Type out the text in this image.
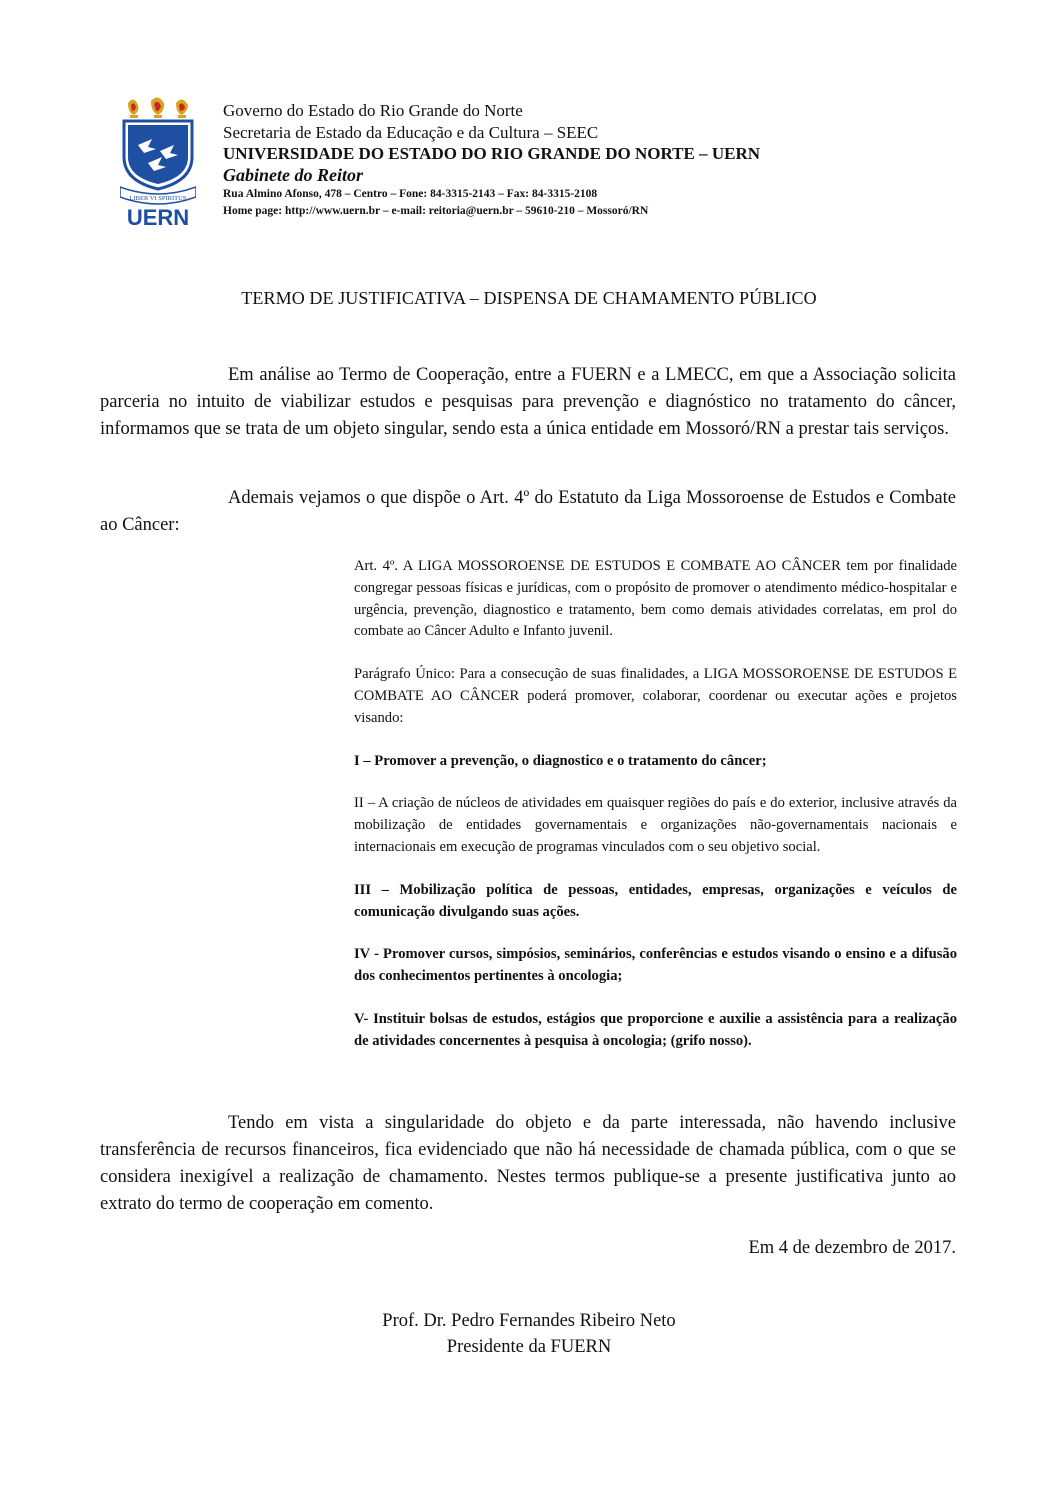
LIBER VI SPIRITUS
UERN
Governo do Estado do Rio Grande do Norte
Secretaria de Estado da Educação e da Cultura – SEEC
UNIVERSIDADE DO ESTADO DO RIO GRANDE DO NORTE – UERN
Gabinete do Reitor
Rua Almino Afonso, 478 – Centro – Fone: 84-3315-2143 – Fax: 84-3315-2108
Home page: http://www.uern.br – e-mail: reitoria@uern.br – 59610-210 – Mossoró/RN
TERMO DE JUSTIFICATIVA – DISPENSA DE CHAMAMENTO PÚBLICO
Em análise ao Termo de Cooperação, entre a FUERN e a LMECC, em que a Associação solicita parceria no intuito de viabilizar estudos e pesquisas para prevenção e diagnóstico no tratamento do câncer, informamos que se trata de um objeto singular, sendo esta a única entidade em Mossoró/RN a prestar tais serviços.
Ademais vejamos o que dispõe o Art. 4º do Estatuto da Liga Mossoroense de Estudos e Combate ao Câncer:

Art. 4º. A LIGA MOSSOROENSE DE ESTUDOS E COMBATE AO CÂNCER tem por finalidade congregar pessoas físicas e jurídicas, com o propósito de promover o atendimento médico-hospitalar e urgência, prevenção, diagnostico e tratamento, bem como demais atividades correlatas, em prol do combate ao Câncer Adulto e Infanto juvenil.

Parágrafo Único: Para a consecução de suas finalidades, a LIGA MOSSOROENSE DE ESTUDOS E COMBATE AO CÂNCER poderá promover, colaborar, coordenar ou executar ações e projetos visando:

I – Promover a prevenção, o diagnostico e o tratamento do câncer;

II – A criação de núcleos de atividades em quaisquer regiões do país e do exterior, inclusive através da mobilização de entidades governamentais e organizações não-governamentais nacionais e internacionais em execução de programas vinculados com o seu objetivo social.

III – Mobilização política de pessoas, entidades, empresas, organizações e veículos de comunicação divulgando suas ações.

IV - Promover cursos, simpósios, seminários, conferências e estudos visando o ensino e a difusão dos conhecimentos pertinentes à oncologia;

V- Instituir bolsas de estudos, estágios que proporcione e auxilie a assistência para a realização de atividades concernentes à pesquisa à oncologia; (grifo nosso).

Tendo em vista a singularidade do objeto e da parte interessada, não havendo inclusive transferência de recursos financeiros, fica evidenciado que não há necessidade de chamada pública, com o que se considera inexigível a realização de chamamento. Nestes termos publique-se a presente justificativa junto ao extrato do termo de cooperação em comento.
Em 4 de dezembro de 2017.
Prof. Dr. Pedro Fernandes Ribeiro Neto
Presidente da FUERN
